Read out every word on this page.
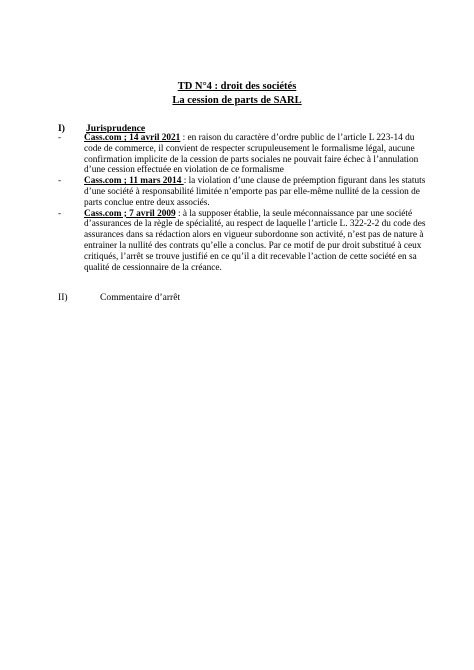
TD N°4 : droit des sociétés
La cession de parts de SARL
I) Jurisprudence
-	Cass.com ; 14 avril 2021 : en raison du caractère d’ordre public de l’article L 223-14 du code de commerce, il convient de respecter scrupuleusement le formalisme légal, aucune confirmation implicite de la cession de parts sociales ne pouvait faire échec à l’annulation d’une cession effectuée en violation de ce formalisme
-	Cass.com ; 11 mars 2014 : la violation d’une clause de préemption figurant dans les statuts d’une société à responsabilité limitée n’emporte pas par elle-même nullité de la cession de parts conclue entre deux associés.
-	Cass.com ; 7 avril 2009 : à la supposer établie, la seule méconnaissance par une société d’assurances de la règle de spécialité, au respect de laquelle l’article L. 322-2-2 du code des assurances dans sa rédaction alors en vigueur subordonne son activité, n’est pas de nature à entrainer la nullité des contrats qu’elle a conclus. Par ce motif de pur droit substitué à ceux critiqués, l’arrêt se trouve justifié en ce qu’il a dit recevable l’action de cette société en sa qualité de cessionnaire de la créance.
II)	Commentaire d’arrêt
